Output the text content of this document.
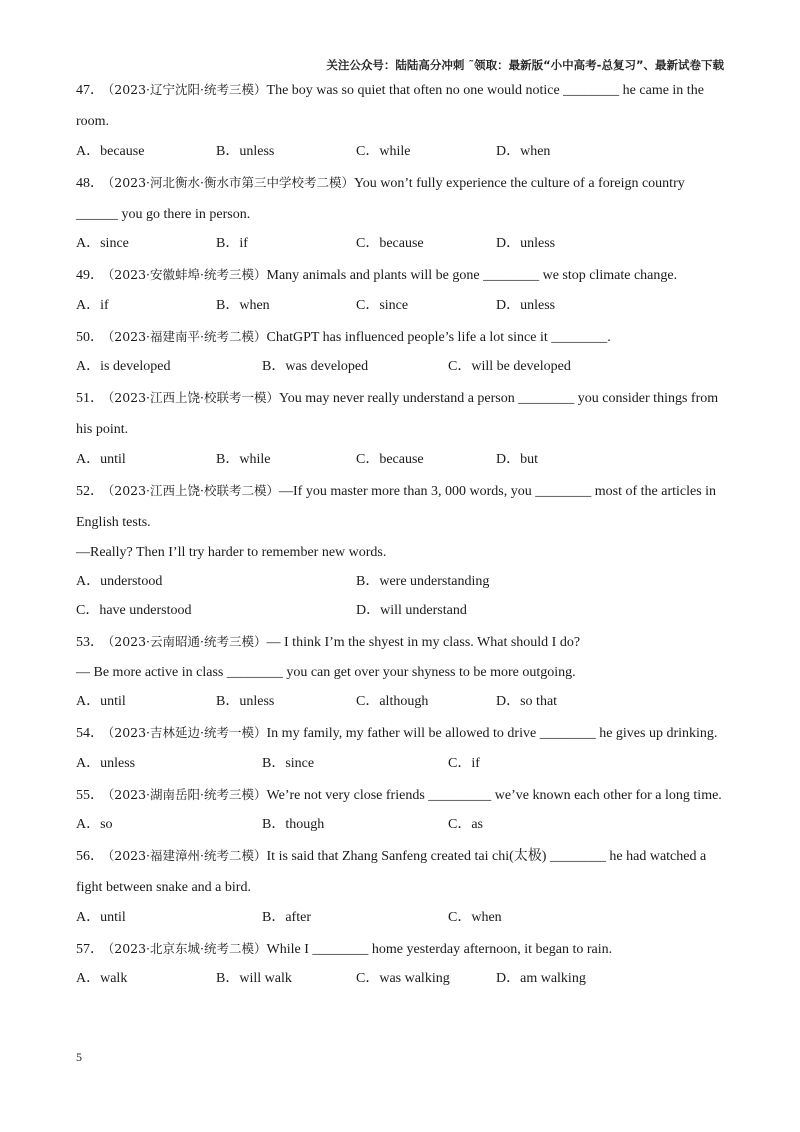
关注公众号：陆陆高分冲刺 ˜领取：最新版“小中高考-总复习”、最新试卷下载

47． （2023·辽宁沈阳·统考三模）The boy was so quiet that often no one would notice ________ he came in the room.

A．because	B．unless	C．while	D．when

48． （2023·河北衡水·衡水市第三中学校考二模）You won’t fully experience the culture of a foreign country ______ you go there in person.

A．since	B．if	C．because	D．unless

49． （2023·安徽蚌埠·统考三模）Many animals and plants will be gone ________ we stop climate change.

A．if	B．when	C．since	D．unless

50． （2023·福建南平·统考二模）ChatGPT has influenced people’s life a lot since it ________.

A．is developed	B．was developed	C．will be developed

51． （2023·江西上饶·校联考一模）You may never really understand a person ________ you consider things from his point.

A．until	B．while	C．because	D．but

52． （2023·江西上饶·校联考二模）—If you master more than 3, 000 words, you ________ most of the articles in English tests.

—Really? Then I’ll try harder to remember new words.

A．understood	B．were understanding
C．have understood	D．will understand

53． （2023·云南昭通·统考三模）— I think I’m the shyest in my class. What should I do?

— Be more active in class ________ you can get over your shyness to be more outgoing.

A．until	B．unless	C．although	D．so that

54． （2023·吉林延边·统考一模）In my family, my father will be allowed to drive ________ he gives up drinking.

A．unless	B．since	C．if

55． （2023·湖南岳阳·统考三模）We’re not very close friends _________ we’ve known each other for a long time.

A．so	B．though	C．as

56． （2023·福建漳州·统考二模）It is said that Zhang Sanfeng created tai chi(太极) ________ he had watched a fight between snake and a bird.

A．until	B．after	C．when

57． （2023·北京东城·统考二模）While I ________ home yesterday afternoon, it began to rain.

A．walk	B．will walk	C．was walking	D．am walking
5
